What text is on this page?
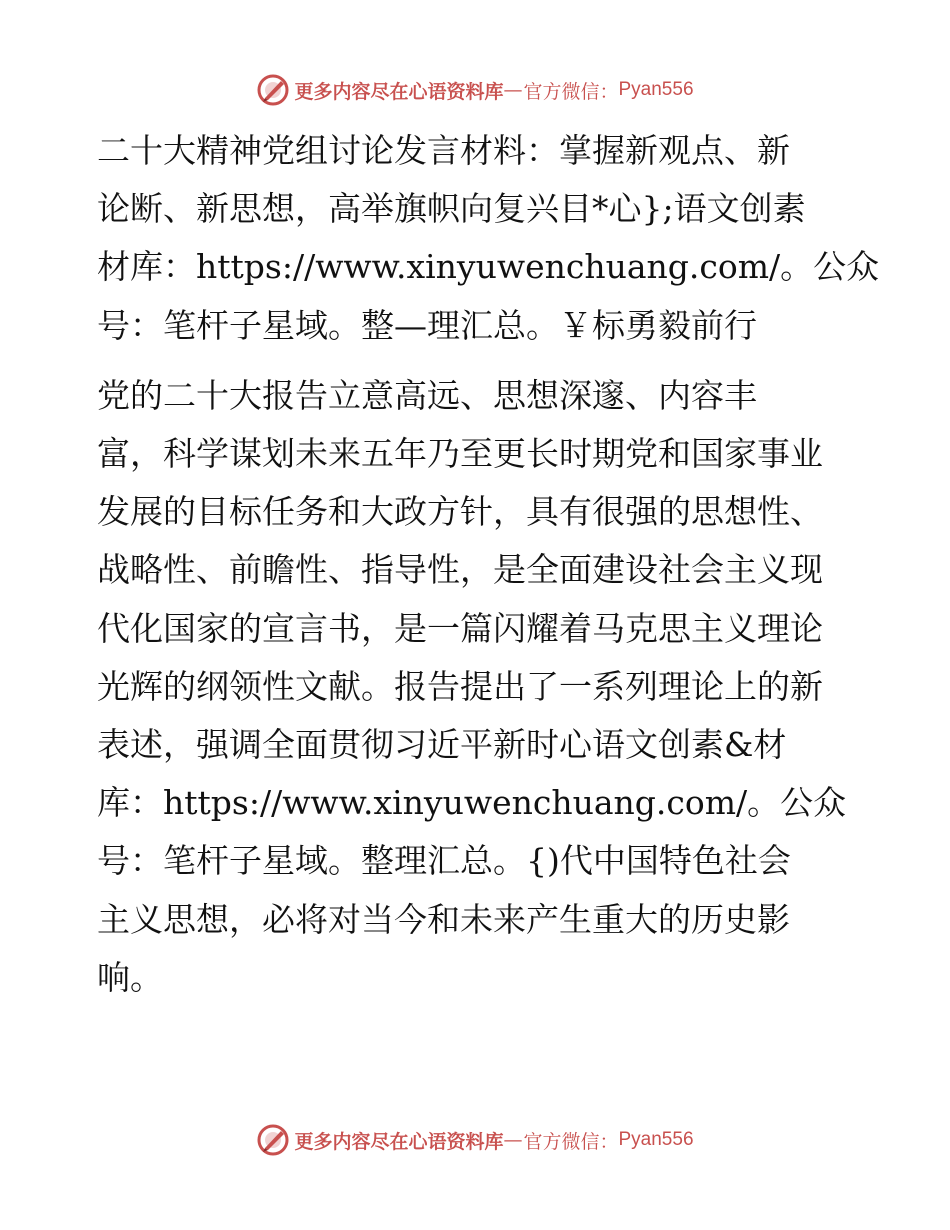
更多内容尽在心语资料库 — 官方微信： Pyan556

二十大精神党组讨论发言材料：掌握新观点、新
论断、新思想，高举旗帜向复兴目*心};语文创素
材库：https://www.xinyuwenchuang.com/。公众
号：笔杆子星域。整—理汇总。￥标勇毅前行

党的二十大报告立意高远、思想深邃、内容丰
富，科学谋划未来五年乃至更长时期党和国家事业
发展的目标任务和大政方针，具有很强的思想性、
战略性、前瞻性、指导性，是全面建设社会主义现
代化国家的宣言书，是一篇闪耀着马克思主义理论
光辉的纲领性文献。报告提出了一系列理论上的新
表述，强调全面贯彻习近平新时心语文创素&材
库：https://www.xinyuwenchuang.com/。公众
号：笔杆子星域。整理汇总。{)代中国特色社会
主义思想，必将对当今和未来产生重大的历史影
响。

更多内容尽在心语资料库 — 官方微信： Pyan556
